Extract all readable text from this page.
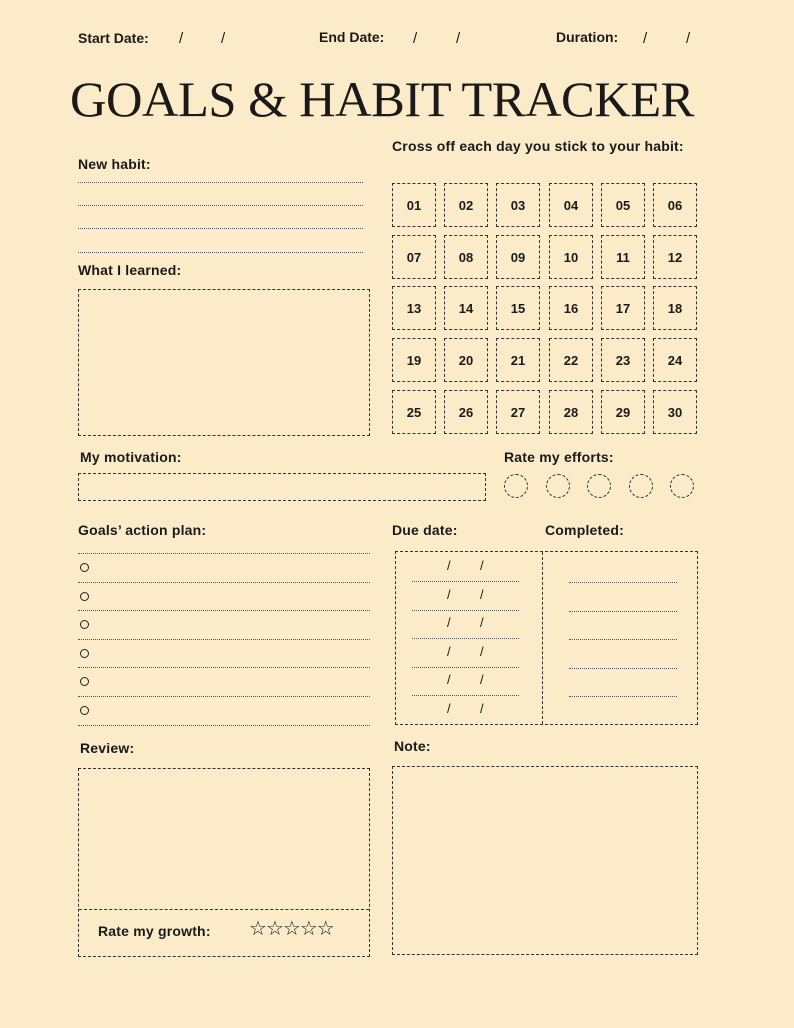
Start Date: /	/	End Date: /	/	Duration: /	/
GOALS & HABIT TRACKER
New habit:
What I learned:
Cross off each day you stick to your habit:
01	02	03	04	05	06
07	08	09	10	11	12
13	14	15	16	17	18
19	20	21	22	23	24
25	26	27	28	29	30
My motivation:	Rate my efforts:
Goals’ action plan:	Due date:	Completed:
/ /
/ /
/ /
/ /
/ /
/ /
Review:
Rate my growth: ☆ ☆ ☆ ☆ ☆
Note:
